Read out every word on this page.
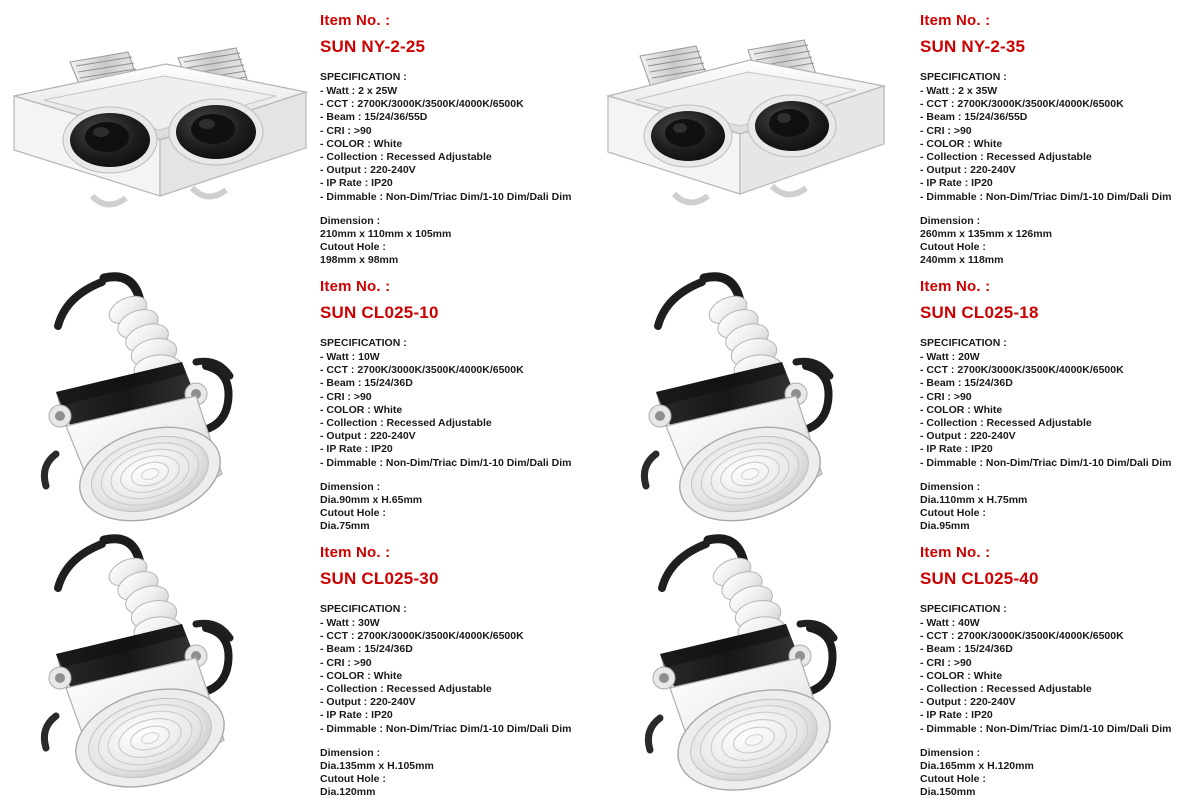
Item No. :
SUN NY-2-25
SPECIFICATION :
- Watt : 2 x 25W
- CCT : 2700K/3000K/3500K/4000K/6500K
- Beam : 15/24/36/55D
- CRI : >90
- COLOR : White
- Collection : Recessed Adjustable
- Output : 220-240V
- IP Rate : IP20
- Dimmable : Non-Dim/Triac Dim/1-10 Dim/Dali Dim
Dimension :
210mm x 110mm x 105mm
Cutout Hole :
198mm x 98mm
Item No. :
SUN NY-2-35
SPECIFICATION :
- Watt : 2 x 35W
- CCT : 2700K/3000K/3500K/4000K/6500K
- Beam : 15/24/36/55D
- CRI : >90
- COLOR : White
- Collection : Recessed Adjustable
- Output : 220-240V
- IP Rate : IP20
- Dimmable : Non-Dim/Triac Dim/1-10 Dim/Dali Dim
Dimension :
260mm x 135mm x 126mm
Cutout Hole :
240mm x 118mm
Item No. :
SUN CL025-10
SPECIFICATION :
- Watt : 10W
- CCT : 2700K/3000K/3500K/4000K/6500K
- Beam : 15/24/36D
- CRI : >90
- COLOR : White
- Collection : Recessed Adjustable
- Output : 220-240V
- IP Rate : IP20
- Dimmable : Non-Dim/Triac Dim/1-10 Dim/Dali Dim
Dimension :
Dia.90mm x H.65mm
Cutout Hole :
Dia.75mm
Item No. :
SUN CL025-18
SPECIFICATION :
- Watt : 20W
- CCT : 2700K/3000K/3500K/4000K/6500K
- Beam : 15/24/36D
- CRI : >90
- COLOR : White
- Collection : Recessed Adjustable
- Output : 220-240V
- IP Rate : IP20
- Dimmable : Non-Dim/Triac Dim/1-10 Dim/Dali Dim
Dimension :
Dia.110mm x H.75mm
Cutout Hole :
Dia.95mm
Item No. :
SUN CL025-30
SPECIFICATION :
- Watt : 30W
- CCT : 2700K/3000K/3500K/4000K/6500K
- Beam : 15/24/36D
- CRI : >90
- COLOR : White
- Collection : Recessed Adjustable
- Output : 220-240V
- IP Rate : IP20
- Dimmable : Non-Dim/Triac Dim/1-10 Dim/Dali Dim
Dimension :
Dia.135mm x H.105mm
Cutout Hole :
Dia.120mm
Item No. :
SUN CL025-40
SPECIFICATION :
- Watt : 40W
- CCT : 2700K/3000K/3500K/4000K/6500K
- Beam : 15/24/36D
- CRI : >90
- COLOR : White
- Collection : Recessed Adjustable
- Output : 220-240V
- IP Rate : IP20
- Dimmable : Non-Dim/Triac Dim/1-10 Dim/Dali Dim
Dimension :
Dia.165mm x H.120mm
Cutout Hole :
Dia.150mm
